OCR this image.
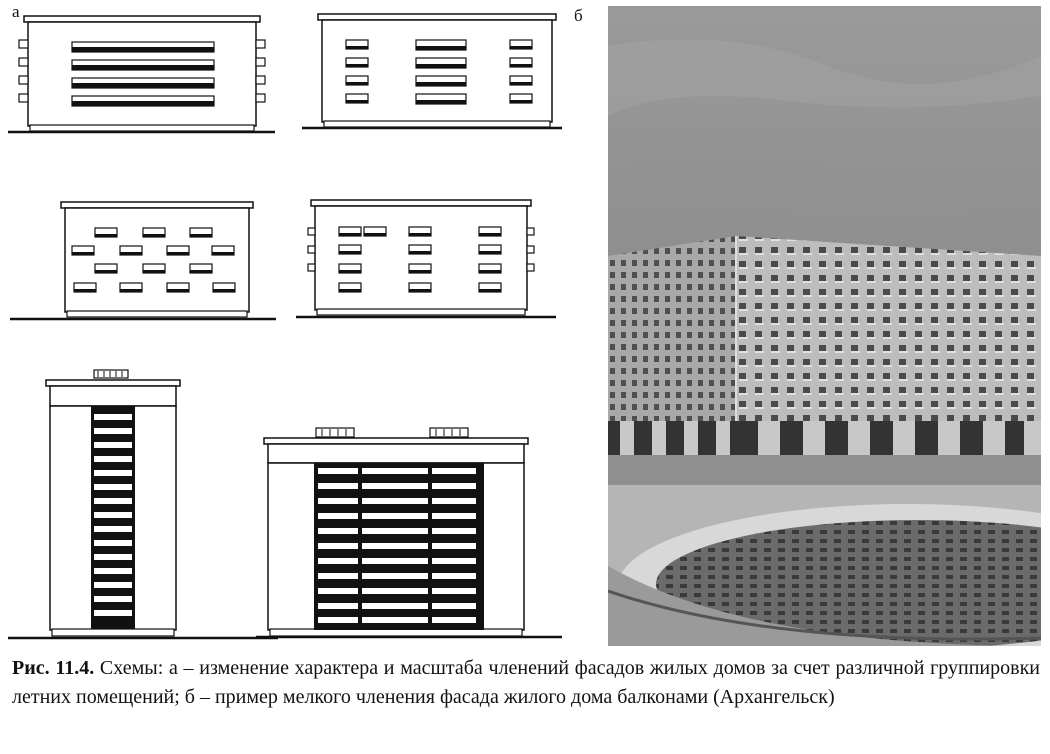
а	б
Рис. 11.4. Схемы: а – изменение характера и масштаба членений фасадов жилых домов за счет различной группировки летних помещений; б – пример мелкого членения фасада жилого дома балконами (Архангельск)
